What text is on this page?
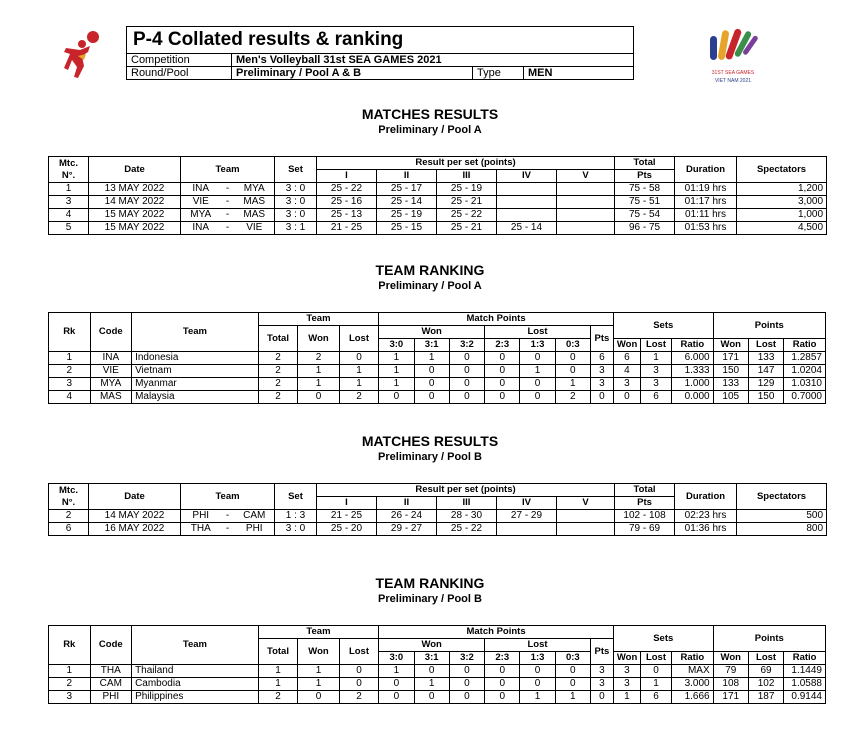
P-4 Collated results & ranking			
Competition	Men's Volleyball 31st SEA GAMES 2021		
Round/Pool	Preliminary / Pool A & B	Type	MEN	31ST SEA GAMES
VIET NAM 2021
MATCHES RESULTS
Preliminary / Pool A
Mtc.
N°.	Date	Team			Set	Result per set (points)					Total	Duration	Spectators
						I	II	III	IV	V	Pts		
1	13 MAY 2022	INA	-	MYA	3 : 0	25 - 22	25 - 17	25 - 19			75 - 58	01:19 hrs	1,200
3	14 MAY 2022	VIE	-	MAS	3 : 0	25 - 16	25 - 14	25 - 21			75 - 51	01:17 hrs	3,000
4	15 MAY 2022	MYA	-	MAS	3 : 0	25 - 13	25 - 19	25 - 22			75 - 54	01:11 hrs	1,000
5	15 MAY 2022	INA	-	VIE	3 : 1	21 - 25	25 - 15	25 - 21	25 - 14		96 - 75	01:53 hrs	4,500
TEAM RANKING
Preliminary / Pool A
Rk	Code	Team	Team			Match Points							Sets			Points		
			Total	Won	Lost	Won			Lost			Pts						
						3:0	3:1	3:2	2:3	1:3	0:3		Won	Lost	Ratio	Won	Lost	Ratio
1	INA	Indonesia	2	2	0	1	1	0	0	0	0	6	6	1	6.000	171	133	1.2857
2	VIE	Vietnam	2	1	1	1	0	0	0	1	0	3	4	3	1.333	150	147	1.0204
3	MYA	Myanmar	2	1	1	1	0	0	0	0	1	3	3	3	1.000	133	129	1.0310
4	MAS	Malaysia	2	0	2	0	0	0	0	0	2	0	0	6	0.000	105	150	0.7000
MATCHES RESULTS
Preliminary / Pool B
Mtc.
N°.	Date	Team			Set	Result per set (points)					Total	Duration	Spectators
						I	II	III	IV	V	Pts		
2	14 MAY 2022	PHI	-	CAM	1 : 3	21 - 25	26 - 24	28 - 30	27 - 29		102 - 108	02:23 hrs	500
6	16 MAY 2022	THA	-	PHI	3 : 0	25 - 20	29 - 27	25 - 22			79 - 69	01:36 hrs	800
TEAM RANKING
Preliminary / Pool B
Rk	Code	Team	Team			Match Points							Sets			Points		
			Total	Won	Lost	Won			Lost			Pts						
						3:0	3:1	3:2	2:3	1:3	0:3		Won	Lost	Ratio	Won	Lost	Ratio
1	THA	Thailand	1	1	0	1	0	0	0	0	0	3	3	0	MAX	79	69	1.1449
2	CAM	Cambodia	1	1	0	0	1	0	0	0	0	3	3	1	3.000	108	102	1.0588
3	PHI	Philippines	2	0	2	0	0	0	0	1	1	0	1	6	1.666	171	187	0.9144
